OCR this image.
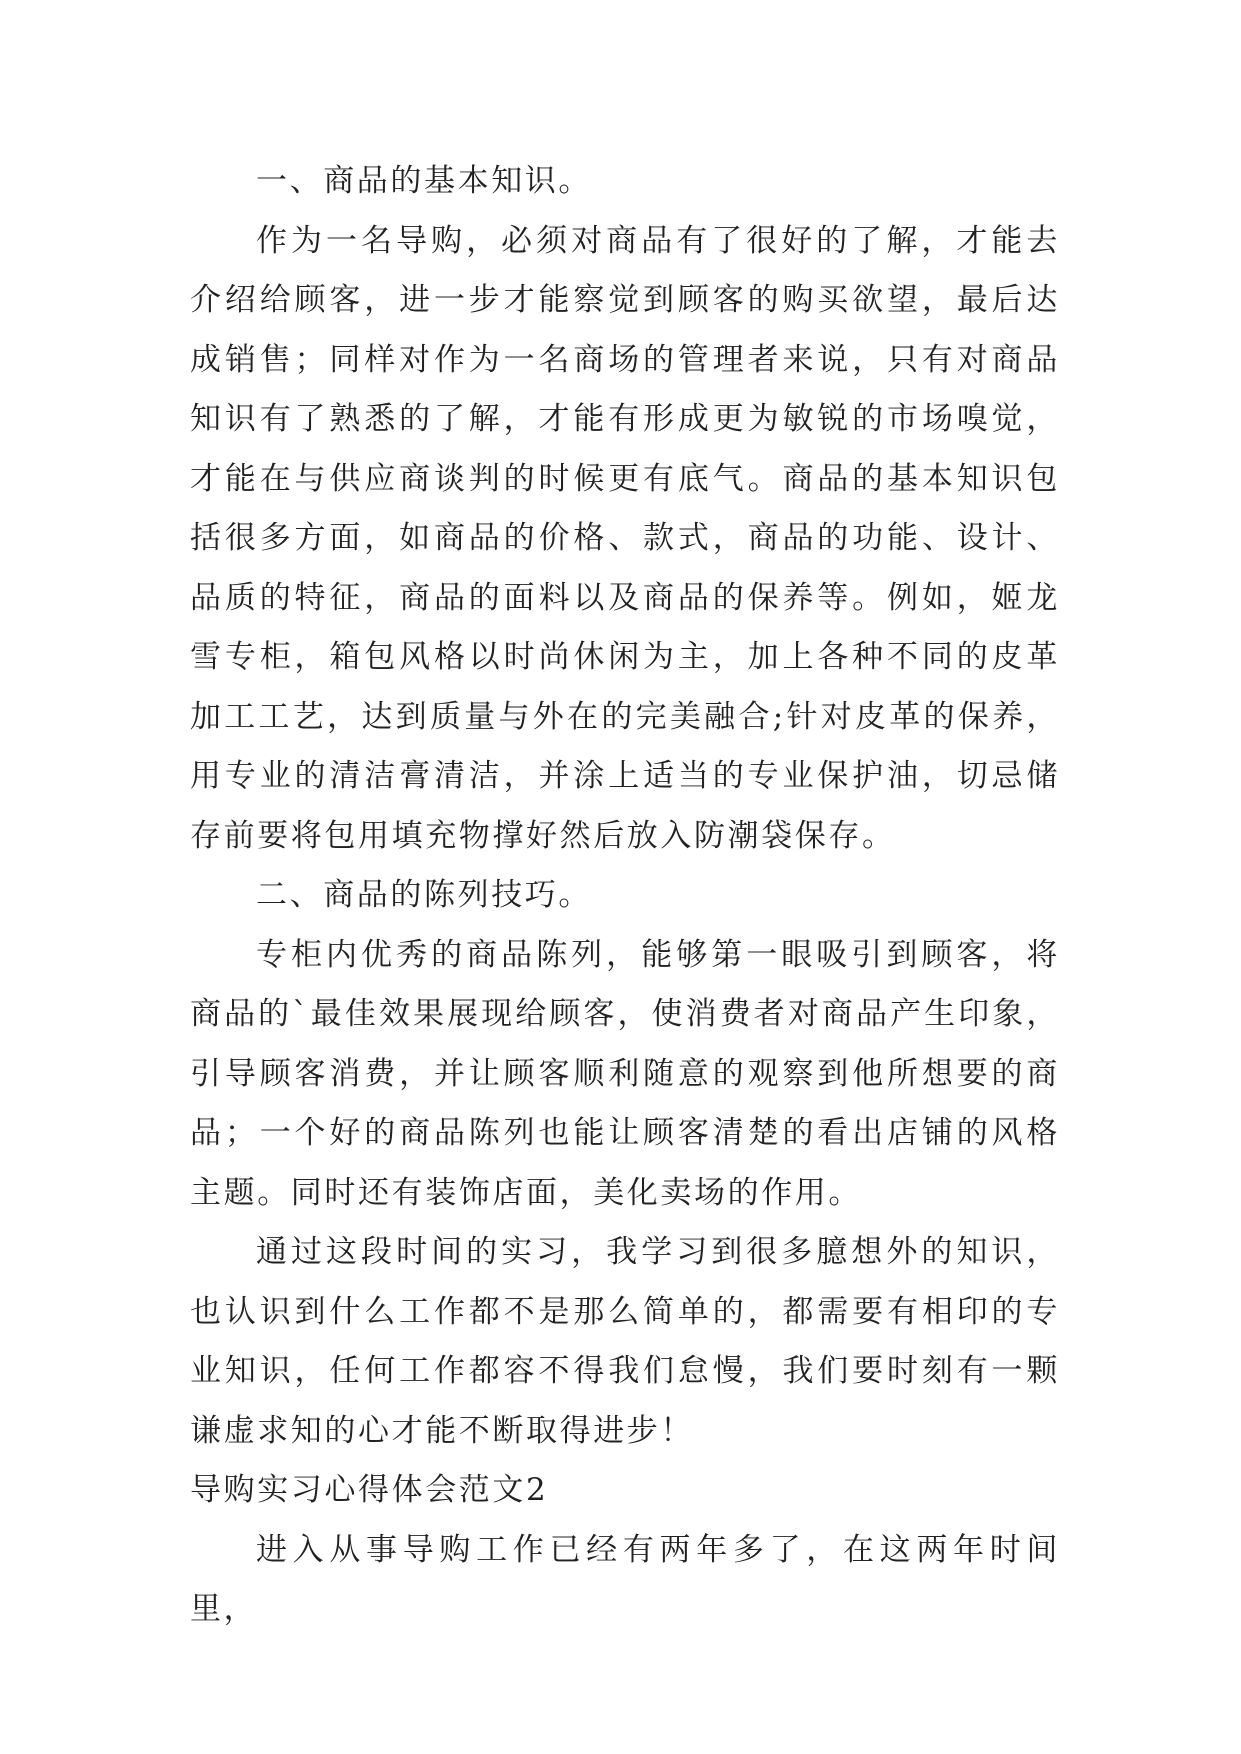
一、商品的基本知识。

作为一名导购，必须对商品有了很好的了解，才能去介绍给顾客，进一步才能察觉到顾客的购买欲望，最后达成销售；同样对作为一名商场的管理者来说，只有对商品知识有了熟悉的了解，才能有形成更为敏锐的市场嗅觉，才能在与供应商谈判的时候更有底气。商品的基本知识包括很多方面，如商品的价格、款式，商品的功能、设计、品质的特征，商品的面料以及商品的保养等。例如，姬龙雪专柜，箱包风格以时尚休闲为主，加上各种不同的皮革加工工艺，达到质量与外在的完美融合;针对皮革的保养，用专业的清洁膏清洁，并涂上适当的专业保护油，切忌储存前要将包用填充物撑好然后放入防潮袋保存。

二、商品的陈列技巧。

专柜内优秀的商品陈列，能够第一眼吸引到顾客，将商品的`最佳效果展现给顾客，使消费者对商品产生印象，引导顾客消费，并让顾客顺利随意的观察到他所想要的商品；一个好的商品陈列也能让顾客清楚的看出店铺的风格主题。同时还有装饰店面，美化卖场的作用。

通过这段时间的实习，我学习到很多臆想外的知识，也认识到什么工作都不是那么简单的，都需要有相印的专业知识，任何工作都容不得我们怠慢，我们要时刻有一颗谦虚求知的心才能不断取得进步！

导购实习心得体会范文2

进入从事导购工作已经有两年多了，在这两年时间里，
